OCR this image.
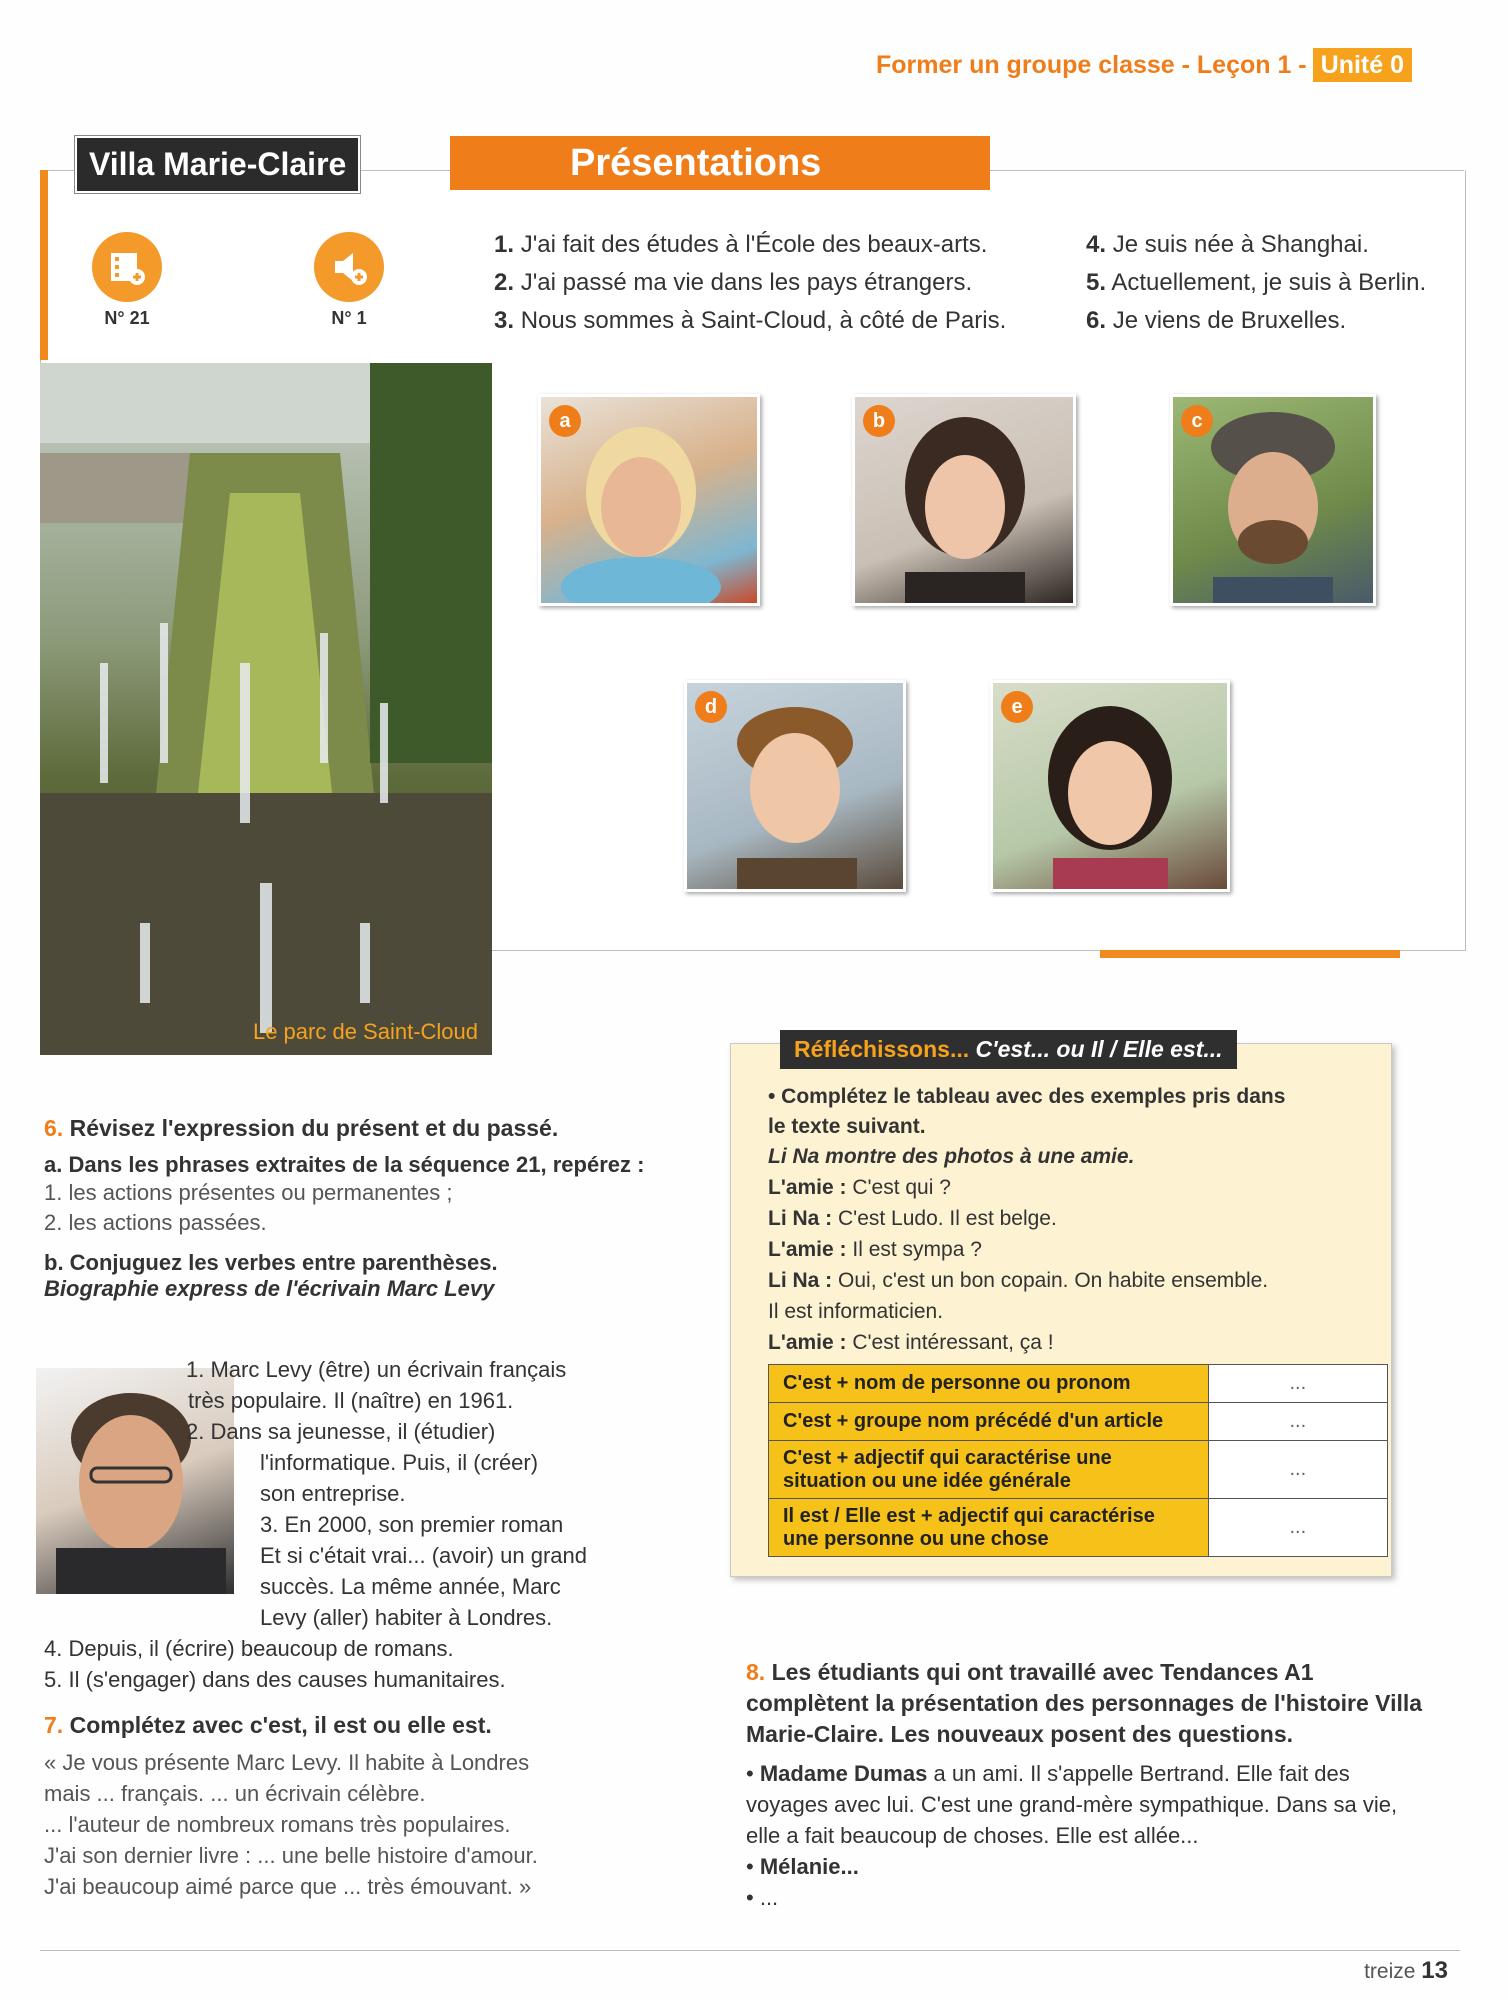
Former un groupe classe - Leçon 1 - Unité 0
Villa Marie-Claire	Présentations
N° 21	N° 1
1. J'ai fait des études à l'École des beaux-arts.
2. J'ai passé ma vie dans les pays étrangers.
3. Nous sommes à Saint-Cloud, à côté de Paris.
4. Je suis née à Shanghai.
5. Actuellement, je suis à Berlin.
6. Je viens de Bruxelles.
a	b	c
d	e
Le parc de Saint-Cloud
6. Révisez l'expression du présent et du passé.
a. Dans les phrases extraites de la séquence 21, repérez :
1. les actions présentes ou permanentes ;
2. les actions passées.
b. Conjuguez les verbes entre parenthèses.
Biographie express de l'écrivain Marc Levy
1. Marc Levy (être) un écrivain français
très populaire. Il (naître) en 1961.
2. Dans sa jeunesse, il (étudier)
l'informatique. Puis, il (créer)
son entreprise.
3. En 2000, son premier roman
Et si c'était vrai... (avoir) un grand
succès. La même année, Marc
Levy (aller) habiter à Londres.
4. Depuis, il (écrire) beaucoup de romans.
5. Il (s'engager) dans des causes humanitaires.
7. Complétez avec c'est, il est ou elle est.
« Je vous présente Marc Levy. Il habite à Londres
mais ... français. ... un écrivain célèbre.
... l'auteur de nombreux romans très populaires.
J'ai son dernier livre : ... une belle histoire d'amour.
J'ai beaucoup aimé parce que ... très émouvant. »
Réfléchissons... C'est... ou Il / Elle est...
• Complétez le tableau avec des exemples pris dans le texte suivant.
Li Na montre des photos à une amie.
L'amie : C'est qui ?
Li Na : C'est Ludo. Il est belge.
L'amie : Il est sympa ?
Li Na : Oui, c'est un bon copain. On habite ensemble.
Il est informaticien.
L'amie : C'est intéressant, ça !
C'est + nom de personne ou pronom	...
C'est + groupe nom précédé d'un article	...
C'est + adjectif qui caractérise une situation ou une idée générale	...
Il est / Elle est + adjectif qui caractérise une personne ou une chose	...
8. Les étudiants qui ont travaillé avec Tendances A1 complètent la présentation des personnages de l'histoire Villa Marie-Claire. Les nouveaux posent des questions.
• Madame Dumas a un ami. Il s'appelle Bertrand. Elle fait des voyages avec lui. C'est une grand-mère sympathique. Dans sa vie, elle a fait beaucoup de choses. Elle est allée...
• Mélanie...
• ...
treize 13
